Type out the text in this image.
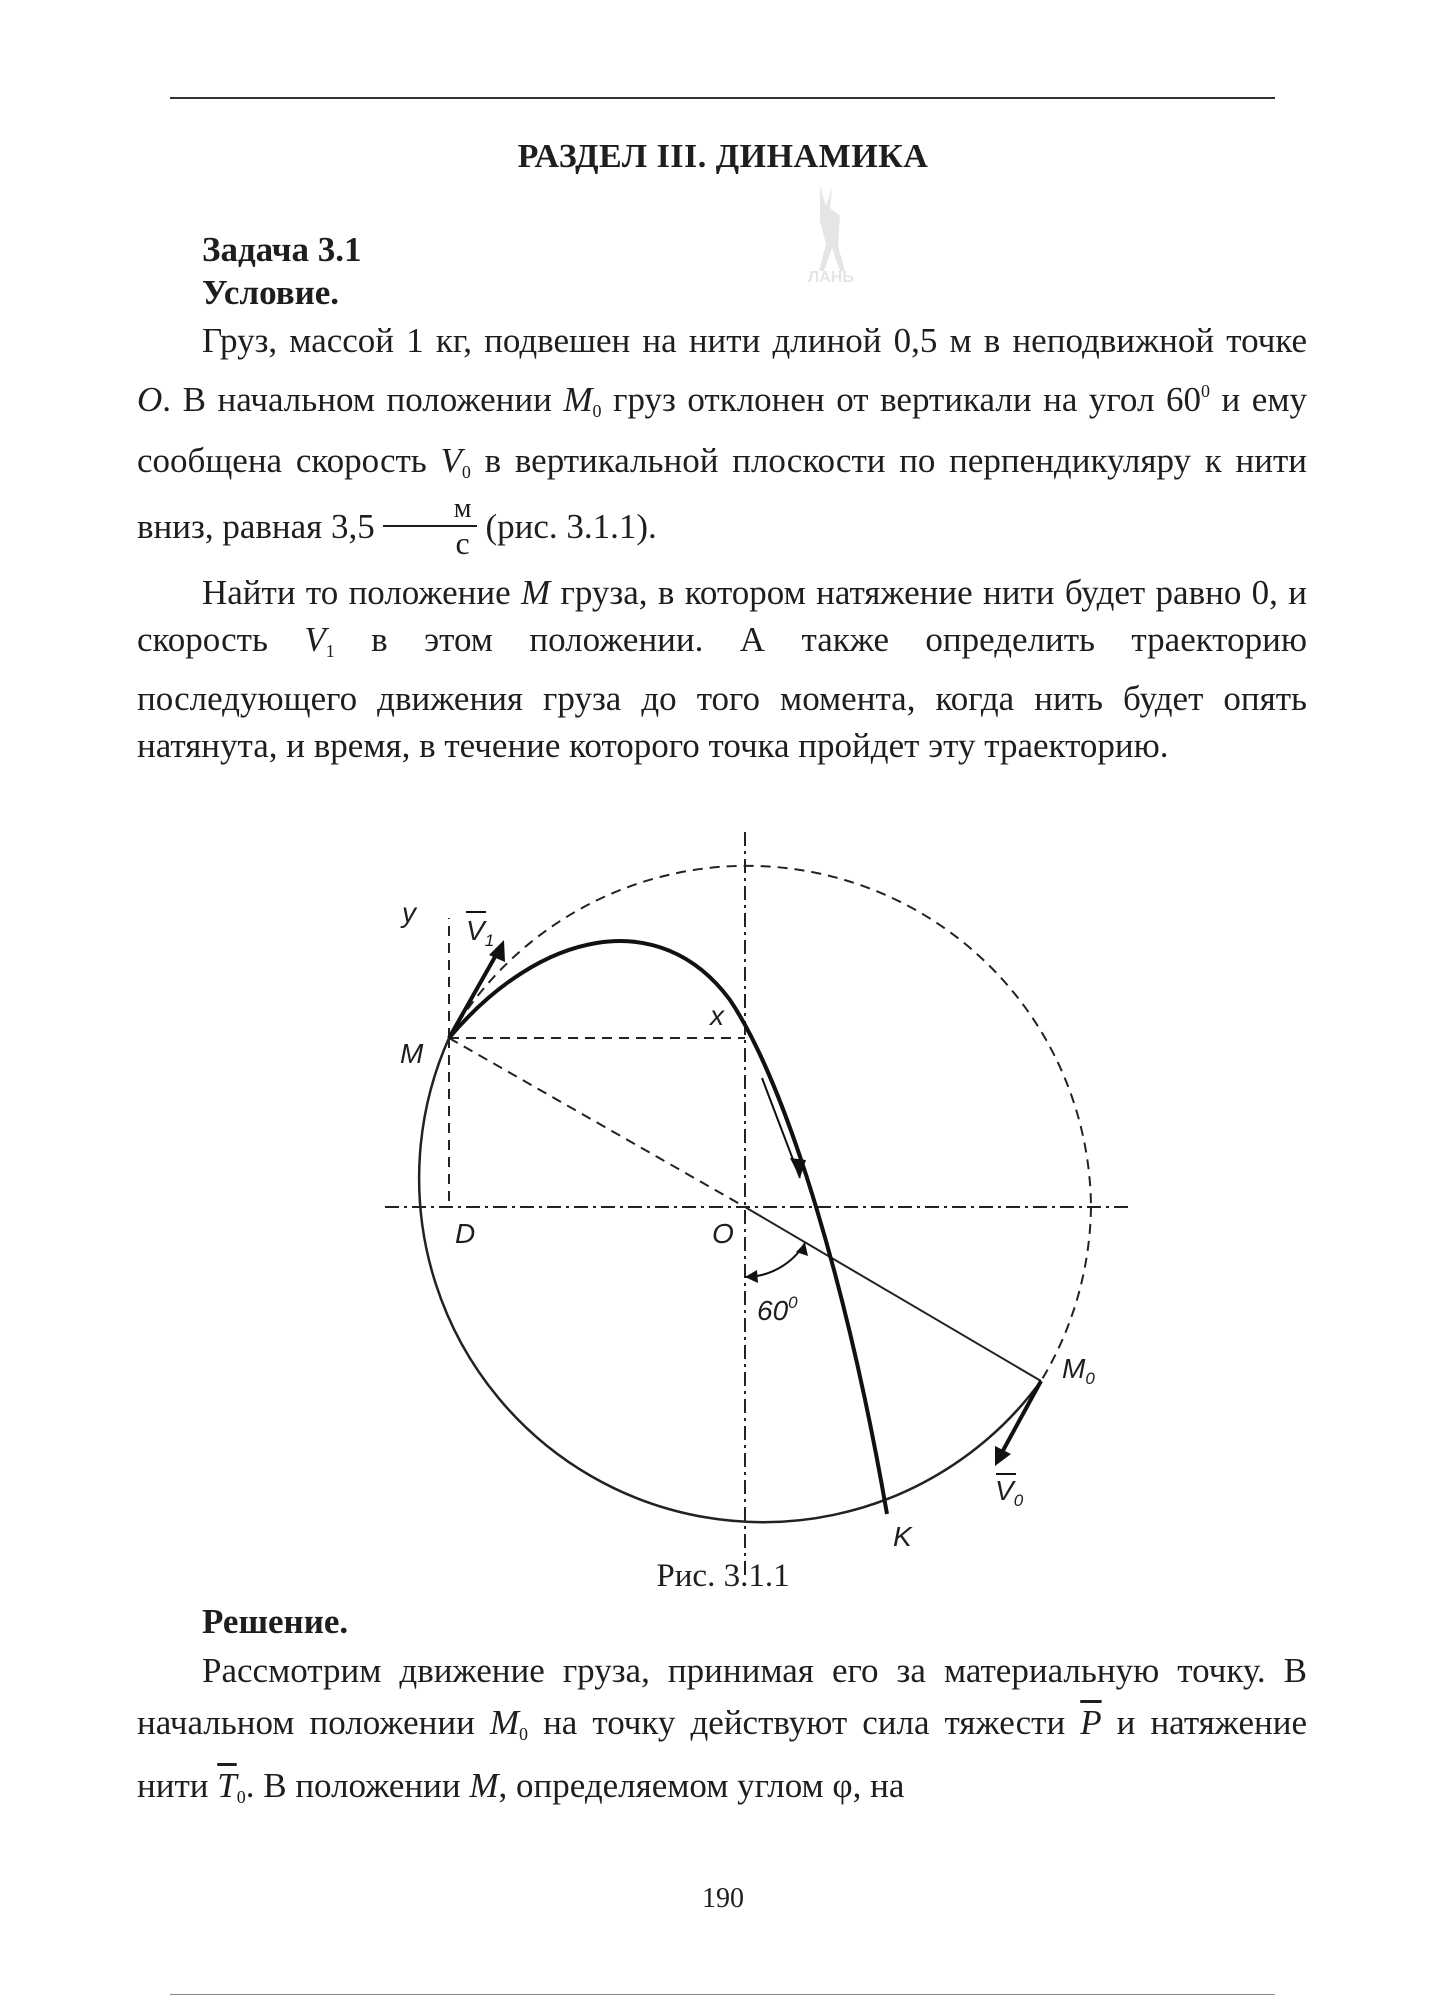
ЛАНЬ
РАЗДЕЛ III. ДИНАМИКА

Задача 3.1

Условие.

Груз, массой 1 кг, подвешен на нити длиной 0,5 м в неподвижной точке O. В начальном положении $M_0$ груз отклонен от вертикали на угол $60^0$ и ему сообщена скорость $V_0$ в вертикальной плоскости по перпендикуляру к нити вниз, равная $3,5 \frac{м}{с} (рис$. 3.1.1).

Найти то положение M груза, в котором натяжение нити будет равно 0, и скорость $V_1$ в этом положении. А также определить траекторию последующего движения груза до того момента, когда нить будет опять натянута, и время, в течение которого точка пройдет эту траекторию.

y
$V_1$
x
M
D	O
$60^0$
$M_0$
$V_0$
K
Рис. 3.1.1

Решение.

Рассмотрим движение груза, принимая его за материальную точку. В начальном положении $M_0$ на точку действуют сила тяжести $\overline{P}$ и натяжение нити $\overline{T}_0$. В положении M, определяемом углом φ, на

190
